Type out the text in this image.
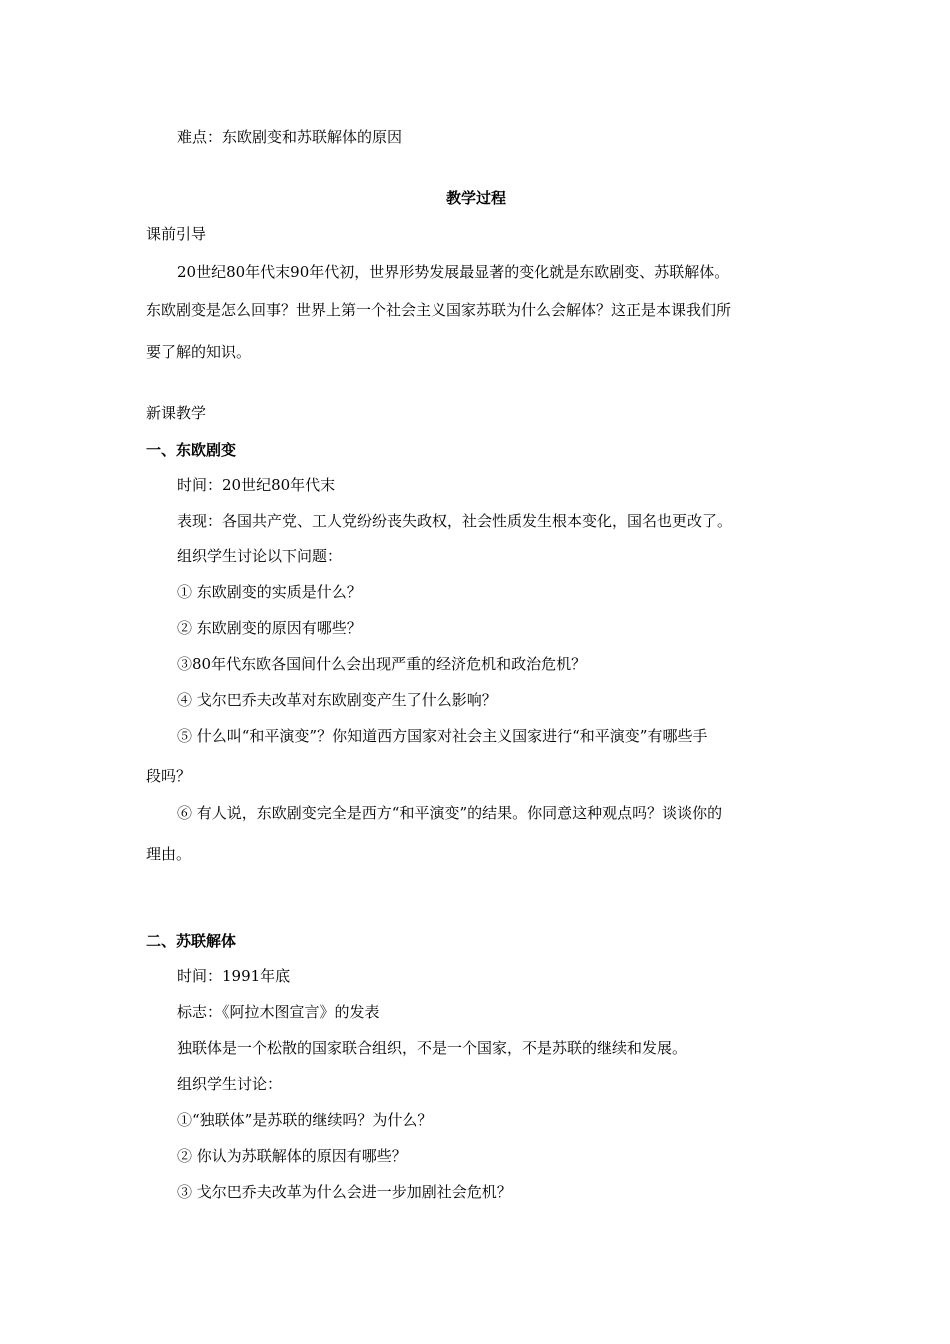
难点：东欧剧变和苏联解体的原因
教学过程
课前引导
20世纪80年代末90年代初，世界形势发展最显著的变化就是东欧剧变、苏联解体。
东欧剧变是怎么回事？世界上第一个社会主义国家苏联为什么会解体？这正是本课我们所
要了解的知识。
新课教学
一、东欧剧变
时间：20世纪80年代末
表现：各国共产党、工人党纷纷丧失政权，社会性质发生根本变化，国名也更改了。
组织学生讨论以下问题：
① 东欧剧变的实质是什么？
② 东欧剧变的原因有哪些？
③80年代东欧各国间什么会出现严重的经济危机和政治危机？
④ 戈尔巴乔夫改革对东欧剧变产生了什么影响？
⑤ 什么叫“和平演变”？你知道西方国家对社会主义国家进行“和平演变”有哪些手
段吗？
⑥ 有人说，东欧剧变完全是西方“和平演变”的结果。你同意这种观点吗？谈谈你的
理由。
二、苏联解体
时间：1991年底
标志：《阿拉木图宣言》的发表
独联体是一个松散的国家联合组织，不是一个国家，不是苏联的继续和发展。
组织学生讨论：
①“独联体”是苏联的继续吗？为什么？
② 你认为苏联解体的原因有哪些？
③ 戈尔巴乔夫改革为什么会进一步加剧社会危机？
